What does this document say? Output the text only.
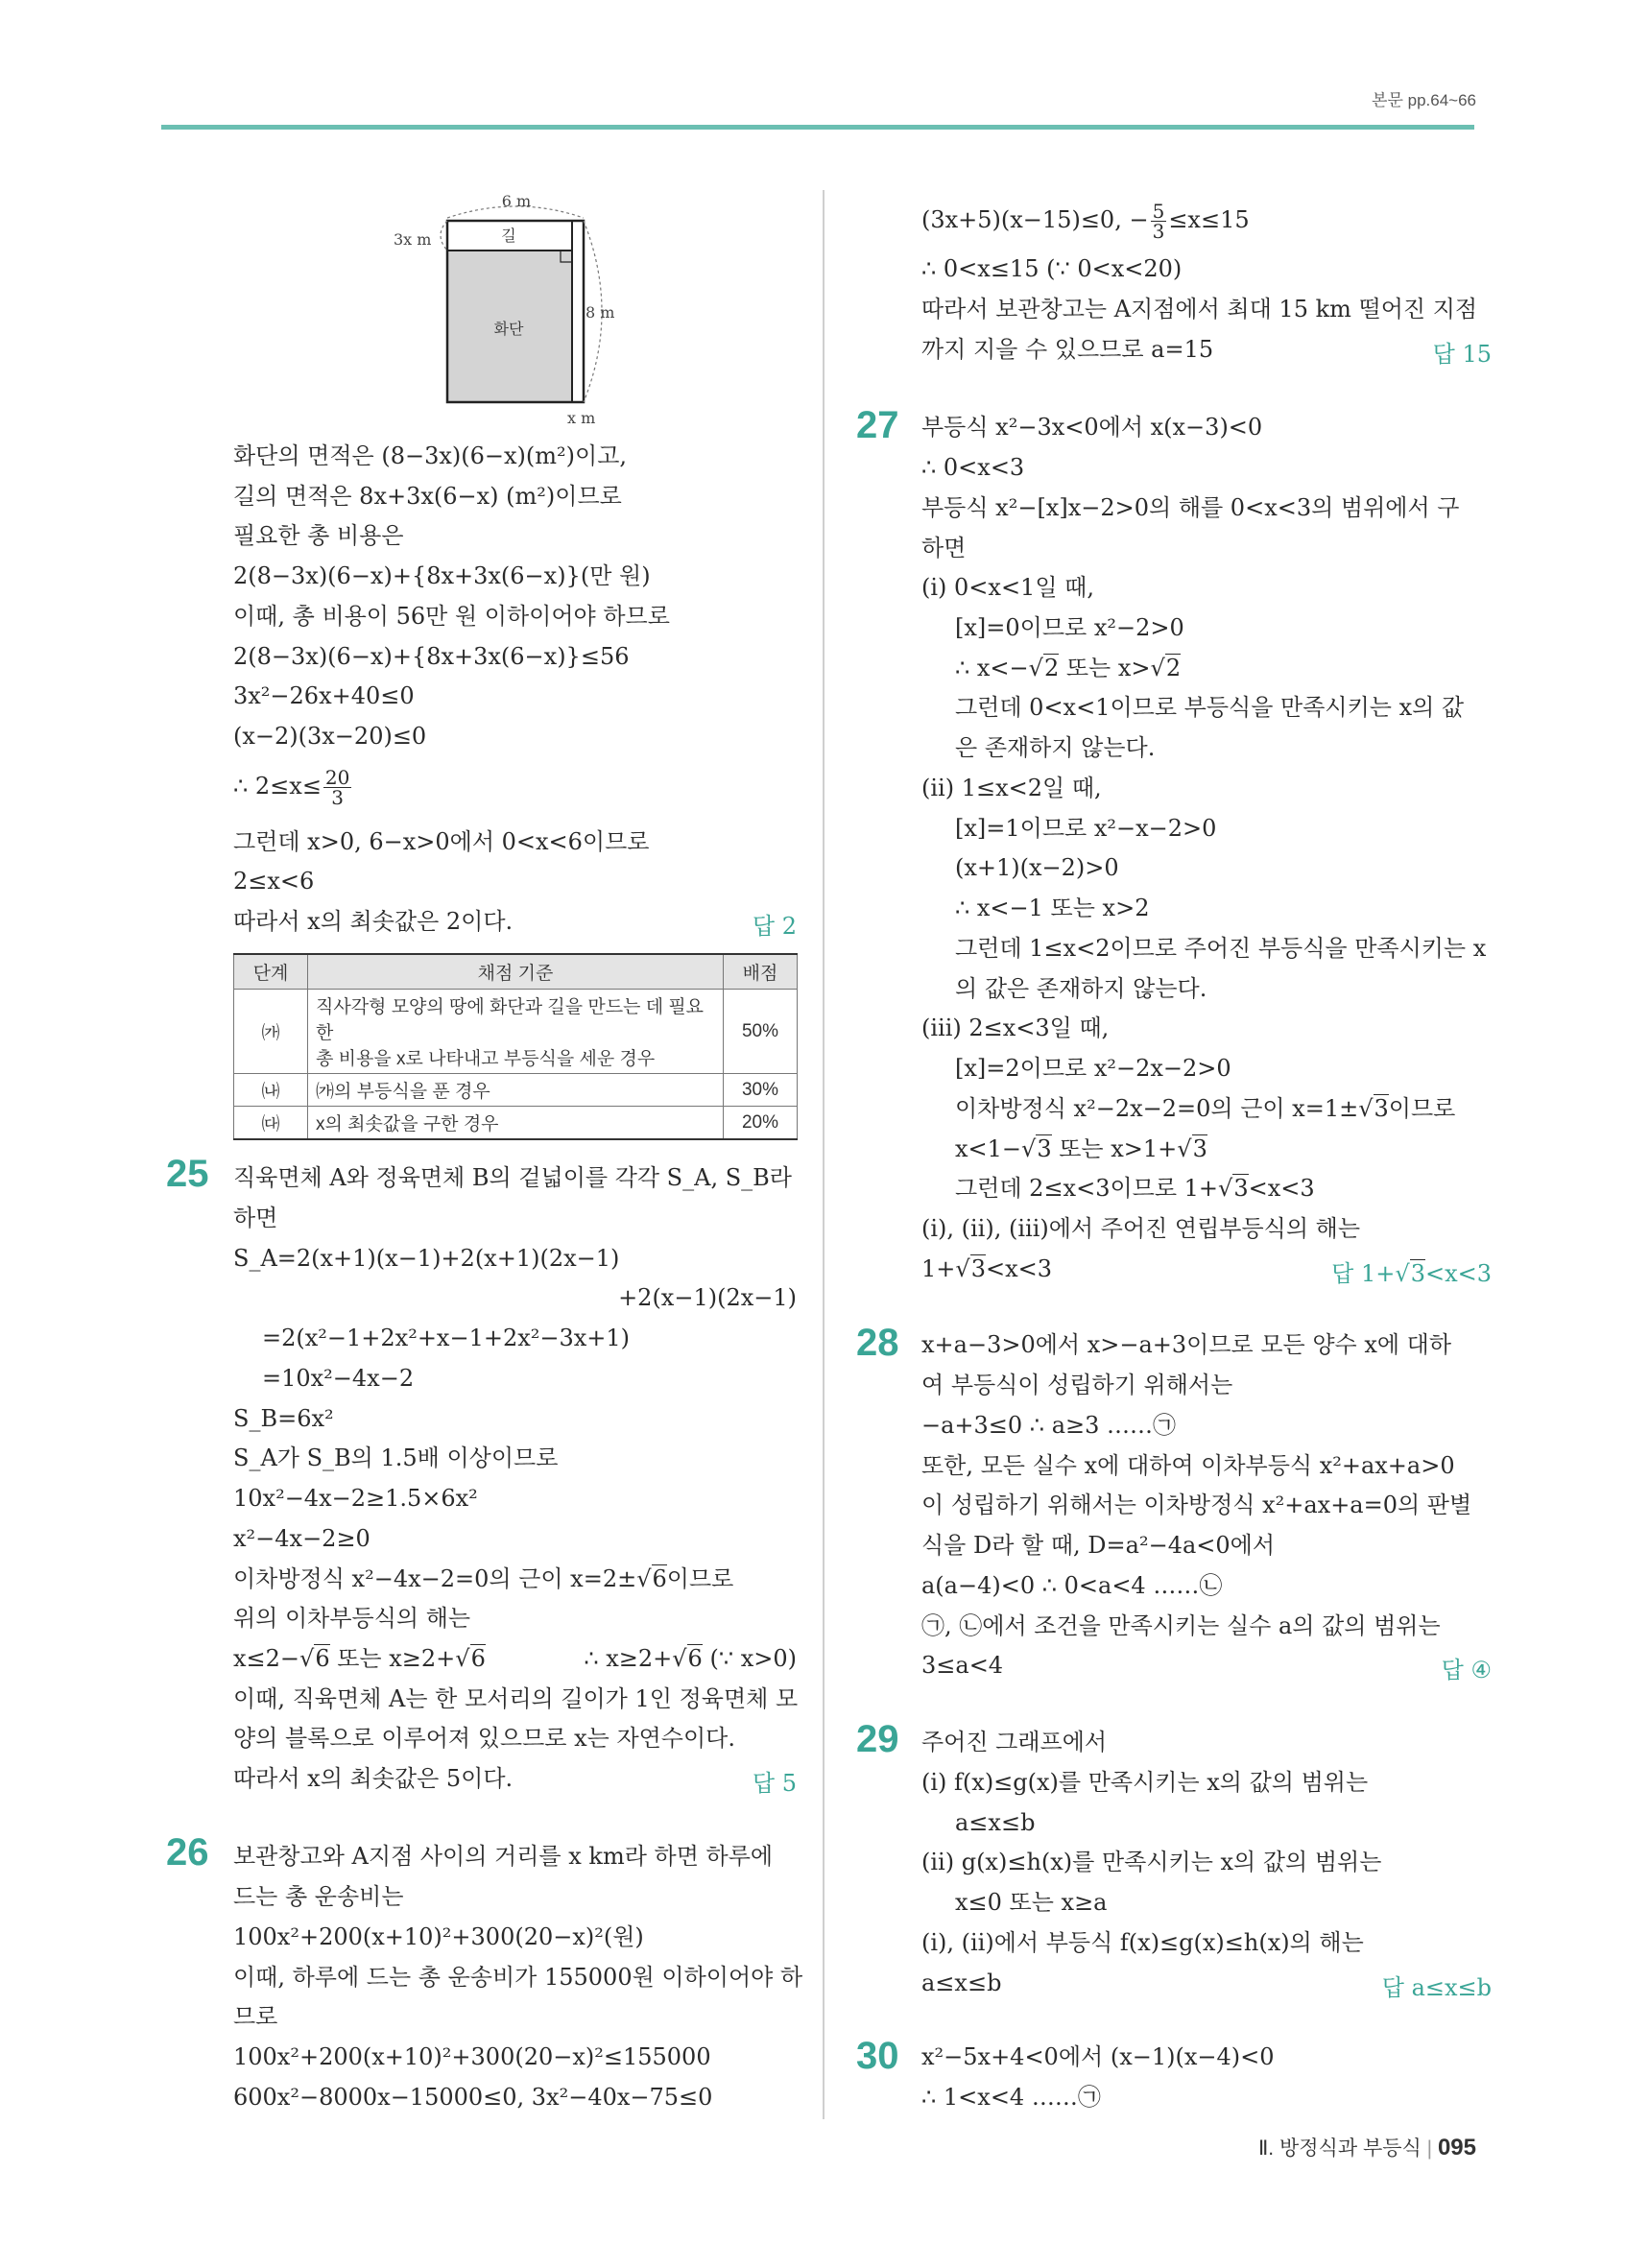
본문 pp.64~66
6 m
3x m
8 m
x m
길
화단
화단의 면적은 (8−3x)(6−x)(m²)이고,
길의 면적은 8x+3x(6−x) (m²)이므로
필요한 총 비용은
2(8−3x)(6−x)+{8x+3x(6−x)}(만 원)
이때, 총 비용이 56만 원 이하이어야 하므로
2(8−3x)(6−x)+{8x+3x(6−x)}≤56
3x²−26x+40≤0
(x−2)(3x−20)≤0
∴ $2\le x\le \frac{20}{3}$
그런데 x>0, 6−x>0에서 0<x<6이므로
2≤x<6
따라서 x의 최솟값은 2이다.	답 2
단계	채점 기준	배점
㈎	직사각형 모양의 땅에 화단과 길을 만드는 데 필요한
총 비용을 x로 나타내고 부등식을 세운 경우	50%
㈏	㈎의 부등식을 푼 경우	30%
㈐	x의 최솟값을 구한 경우	20%
25 직육면체 A와 정육면체 B의 겉넓이를 각각 S_A, S_B라
하면
S_A=2(x+1)(x−1)+2(x+1)(2x−1)
+2(x−1)(2x−1)
=2(x²−1+2x²+x−1+2x²−3x+1)
=10x²−4x−2
S_B=6x²
S_A가 S_B의 1.5배 이상이므로
10x²−4x−2≥1.5×6x²
x²−4x−2≥0
이차방정식 x²−4x−2=0의 근이 x=2±√6이므로
위의 이차부등식의 해는
x≤2−√6 또는 x≥2+√6	∴ x≥2+√6 (∵ x>0)
이때, 직육면체 A는 한 모서리의 길이가 1인 정육면체 모
양의 블록으로 이루어져 있으므로 x는 자연수이다.
따라서 x의 최솟값은 5이다.	답 5
26 보관창고와 A지점 사이의 거리를 x km라 하면 하루에
드는 총 운송비는
100x²+200(x+10)²+300(20−x)²(원)
이때, 하루에 드는 총 운송비가 155000원 이하이어야 하
므로
100x²+200(x+10)²+300(20−x)²≤155000
600x²−8000x−15000≤0, 3x²−40x−75≤0
(3x+5)(x−15)≤0, − $\frac{5}{3} \le x\le 15$
∴ 0<x≤15 (∵ 0<x<20)
따라서 보관창고는 A지점에서 최대 15 km 떨어진 지점
까지 지을 수 있으므로 a=15	답 15
27 부등식 x²−3x<0에서 x(x−3)<0
∴ 0<x<3
부등식 x²−[x]x−2>0의 해를 0<x<3의 범위에서 구
하면
(ⅰ) 0<x<1일 때,
[x]=0이므로 x²−2>0
∴ x<−√2 또는 x>√2
그런데 0<x<1이므로 부등식을 만족시키는 x의 값
은 존재하지 않는다.
(ⅱ) 1≤x<2일 때,
[x]=1이므로 x²−x−2>0
(x+1)(x−2)>0
∴ x<−1 또는 x>2
그런데 1≤x<2이므로 주어진 부등식을 만족시키는 x
의 값은 존재하지 않는다.
(ⅲ) 2≤x<3일 때,
[x]=2이므로 x²−2x−2>0
이차방정식 x²−2x−2=0의 근이 x=1±√3이므로
x<1−√3 또는 x>1+√3
그런데 2≤x<3이므로 1+√3<x<3
(ⅰ), (ⅱ), (ⅲ)에서 주어진 연립부등식의 해는
1+√3<x<3	답 1+√3<x<3
28 x+a−3>0에서 x>−a+3이므로 모든 양수 x에 대하
여 부등식이 성립하기 위해서는
−a+3≤0 ∴ a≥3 ……㉠
또한, 모든 실수 x에 대하여 이차부등식 x²+ax+a>0
이 성립하기 위해서는 이차방정식 x²+ax+a=0의 판별
식을 D라 할 때, D=a²−4a<0에서
a(a−4)<0 ∴ 0<a<4 ……㉡
㉠, ㉡에서 조건을 만족시키는 실수 a의 값의 범위는
3≤a<4	답 ④
29 주어진 그래프에서
(ⅰ) f(x)≤g(x)를 만족시키는 x의 값의 범위는
a≤x≤b
(ⅱ) g(x)≤h(x)를 만족시키는 x의 값의 범위는
x≤0 또는 x≥a
(ⅰ), (ⅱ)에서 부등식 f(x)≤g(x)≤h(x)의 해는
a≤x≤b	답 a≤x≤b
30 x²−5x+4<0에서 (x−1)(x−4)<0
∴ 1<x<4 ……㉠
Ⅱ. 방정식과 부등식 | 095
